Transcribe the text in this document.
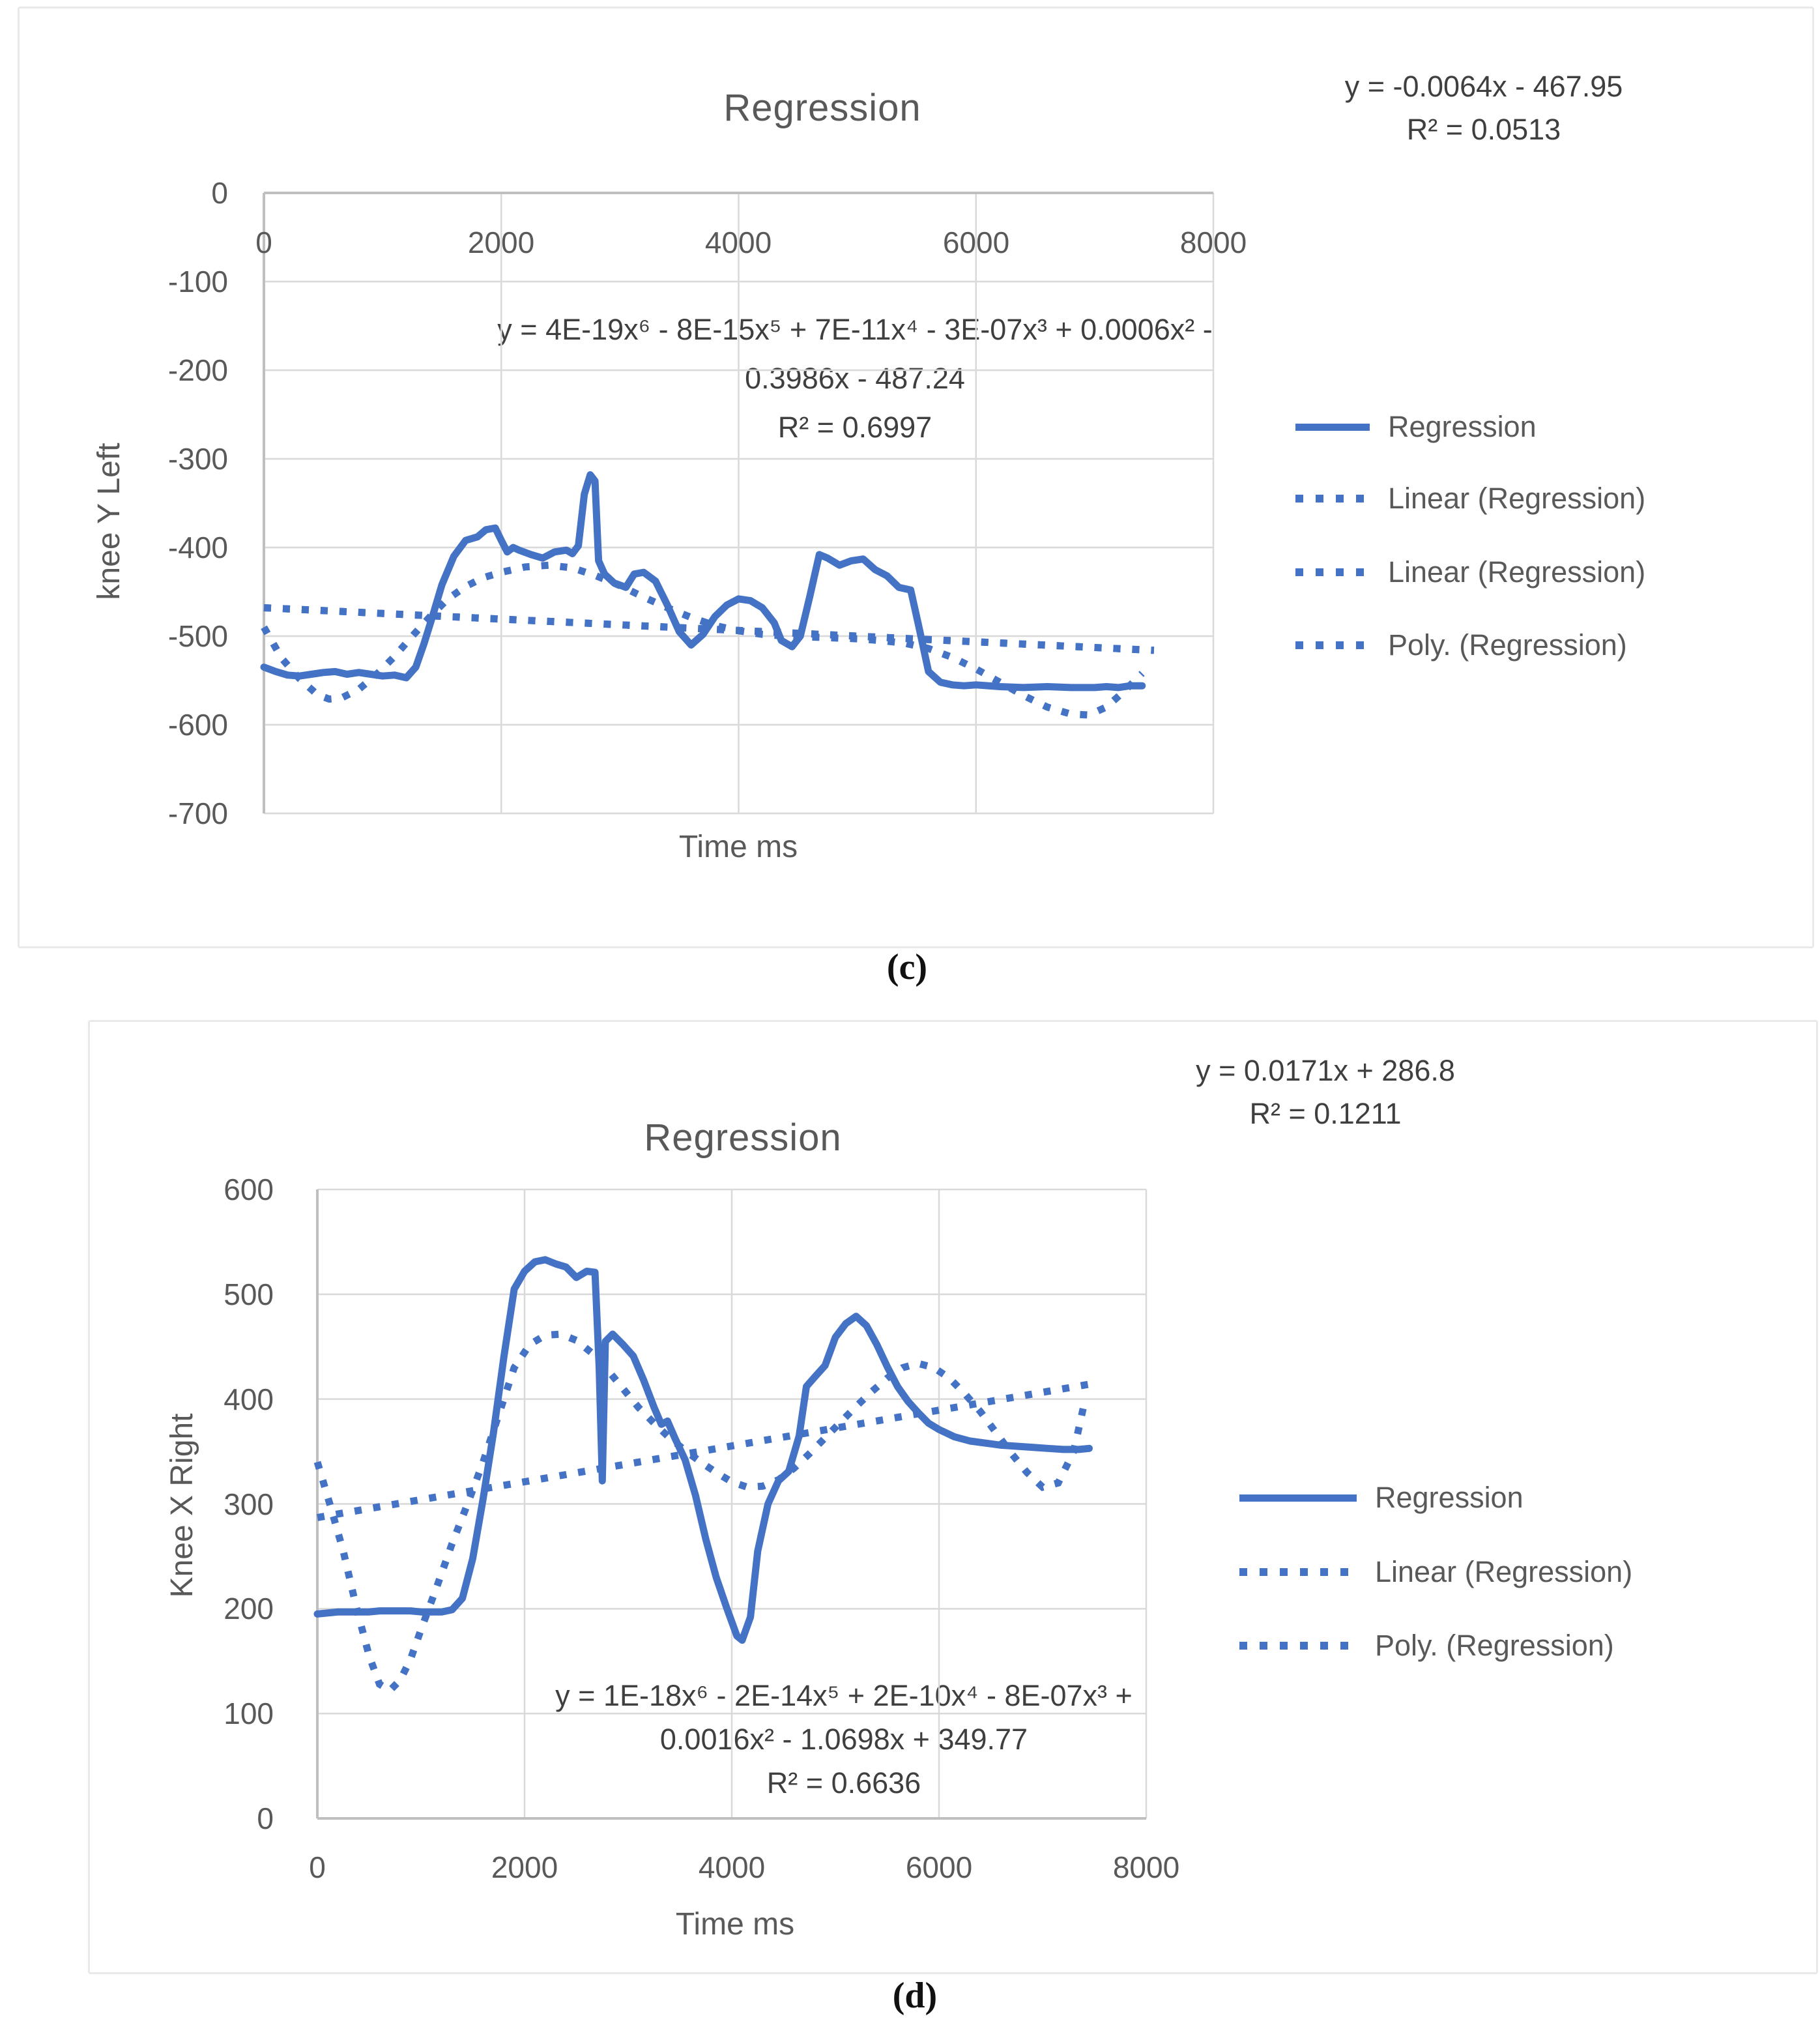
Regression
y = -0.0064x - 467.95
R² = 0.0513
y = 4E-19x⁶ - 8E-15x⁵ + 7E-11x⁴ - 3E-07x³ + 0.0006x² -
0.3986x - 487.24
R² = 0.6997
0	2000	4000	6000	8000
0
-100
-200
-300
-400
-500
-600
-700
knee Y Left
Time ms
Regression
Linear (Regression)
Linear (Regression)
Poly. (Regression)
(c)
Regression
y = 0.0171x + 286.8
R² = 0.1211
y = 1E-18x⁶ - 2E-14x⁵ + 2E-10x⁴ - 8E-07x³ +
0.0016x² - 1.0698x + 349.77
R² = 0.6636
0	2000	4000	6000	8000
600
500
400
300
200
100
0
Knee X Right
Time ms
Regression
Linear (Regression)
Poly. (Regression)
(d)
